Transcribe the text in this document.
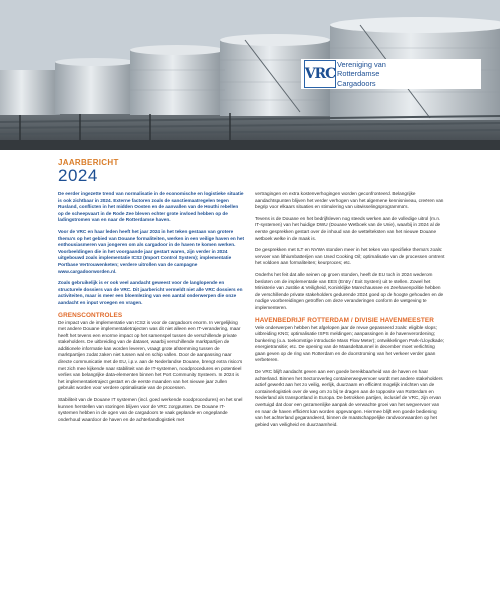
VRC
Vereniging van
Rotterdamse
Cargadoors
JAARBERICHT
2024

De eerder ingezette trend van normalisatie in de economische en logistieke situatie is ook zichtbaar in 2024. Externe factoren zoals de sanctiemaatregelen tegen Rusland, conflicten in het midden Oosten en de aanvallen van de Houthi rebellen op de scheepvaart in de Rode Zee bleven echter grote invloed hebben op de ladingstromen van en naar de Rotterdamse haven.

Voor de VRC en haar leden heeft het jaar 2024 in het teken gestaan van grotere thema's op het gebied van Douane formaliteiten, werken in een veilige haven en het enthousiasmeren van jongeren om als cargadoor in de haven te komen werken. Voorbeeldingen die in het voorgaande jaar gestart waren, zijn verder in 2024 uitgebouwd zoals implementatie ICS2 (Import Control System); implementatie Portbase Vertrouwenketen; verdere uitrollen van de campagne www.cargadoorworden.nl.

Zoals gebruikelijk is er ook veel aandacht geweest voor de langlopende en structurele dossiers van de VRC. Dit jaarbericht vermeldt niet alle VRC dossiers en activiteiten, maar is meer een bloemlezing van een aantal onderwerpen die onze aandacht en input vroegen en vragen.

GRENSCONTROLES

De impact van de implementatie van ICS2 is voor de cargadoors enorm. In vergelijking met andere Douane implementatietrajecten was dit niet alleen een IT-verandering, maar heeft het tevens een enorme impact op het samenspel tussen de verschillende private stakeholders. De uitbreiding van de dataset, waarbij verschillende marktpartijen de additionele informatie kan worden leveren, vraagt grote afstemming tussen de marktpartijen zodat zaken niet tussen wal en schip vallen. Door de aanpassing naar directe communicatie met de EU, i.p.v. aan de Nederlandse Douane, brengt extra risico's met zich mee kijkende naar stabiliteit van de IT-systemen, noodprocedures en potentieel verlies van belangrijke data-elementen binnen het Port Community Systeem. In 2024 is het implementatietraject gestart en de eerste maanden van het nieuwe jaar zullen gebruikt worden voor verdere optimalisatie van de processen.

Stabiliteit van de Douane IT systemen (incl. goed werkende noodprocedures) en het snel kunnen herstellen van storingen blijven voor de VRC zorgpunten. De Douane IT-systemen hebben in de ogen van de cargadoors te vaak geplande en ongeplande onderhoud waardoor de haven en de achterlandlogistiek met

vertragingen en extra kostenverhogingen worden geconfronteerd. Belangrijke aandachtspunten blijven het verder verhogen van het algemene kennisniveau, creëren van begrip voor elkaars situaties en stimulering van uitwisselingsprogramma's.

Tevens is de Douane en het bedrijfsleven nog steeds werken aan de volledige uitrol (m.n. IT-systemen) van het huidige DWU (Douane Wetboek van de Unie), waarbij in 2024 al de eerste gesprekken gestart over de inhoud van de wettelteksten van het nieuwe Douane wetboek welke in de maak is.

De gesprekken met ILT en NVWA stonden meer in het teken van specifieke thema's zoals: vervoer van lithiumbatterijen van Used Cooking Oil; optimalisatie van de processen omtrent het voldoen aan formaliteiten; keurproces; etc.

Onderhs het feit dat alle seinen op groen stonden, heeft de EU toch in 2024 wederom besloten om de implementatie van EES (Entry / Exit System) uit te stellen. Zowel het Ministerie van Justitie & Veiligheid, Koninklijke Marechaussee en Zeehavenpolitie hebben de verschillende private stakeholders gedurende 2024 goed op de hoogte gehouden en de nodige voorbereidingen getroffen om deze veranderingen conform de wetgeving te implementeren.

HAVENBEDRIJF ROTTERDAM / DIVISIE HAVENMEESTER

Vele onderwerpen hebben het afgelopen jaar de revue gepasseerd zoals: eligible slops; uitbreiding KNG; optimalisatie ISPS meldingen; aanpassingen in de havenverordening; bunkering (o.a. toekomstige introductie Mass Flow Meter); ontwikkelingen Park-/Lloydkade; energietransitie; etc. De opening van de Maasdeltatunnel in december moet verlichting gaan geven op de ring van Rotterdam en de doorstroming van het verkeer verder gaan verbeteren.

De VRC blijft aandacht geven aan een goede bereikbaarheid van de haven en haar achterland. Binnen het Sectoroverleg containerwegvervoer wordt met andere stakeholders actief gewerkt aan het zo veilig, eerlijk, duurzaam en efficiënt mogelijk inrichten van de containerlogistiek over de weg om zo bij te dragen aan de topposite van Rotterdam en Nederland als transportland in Europa. De betrokken partijen, inclusief de VRC, zijn ervan overtuigd dat door een gezamenlijke aanpak de verwachte groei van het wegvervoer van en naar de haven efficiënt kan worden opgevangen. Hiermee blijft een goede bediening van het achterland gegarandeerd, binnen de maatschappelijke randvoorwaarden op het gebied van veiligheid en duurzaamheid.
